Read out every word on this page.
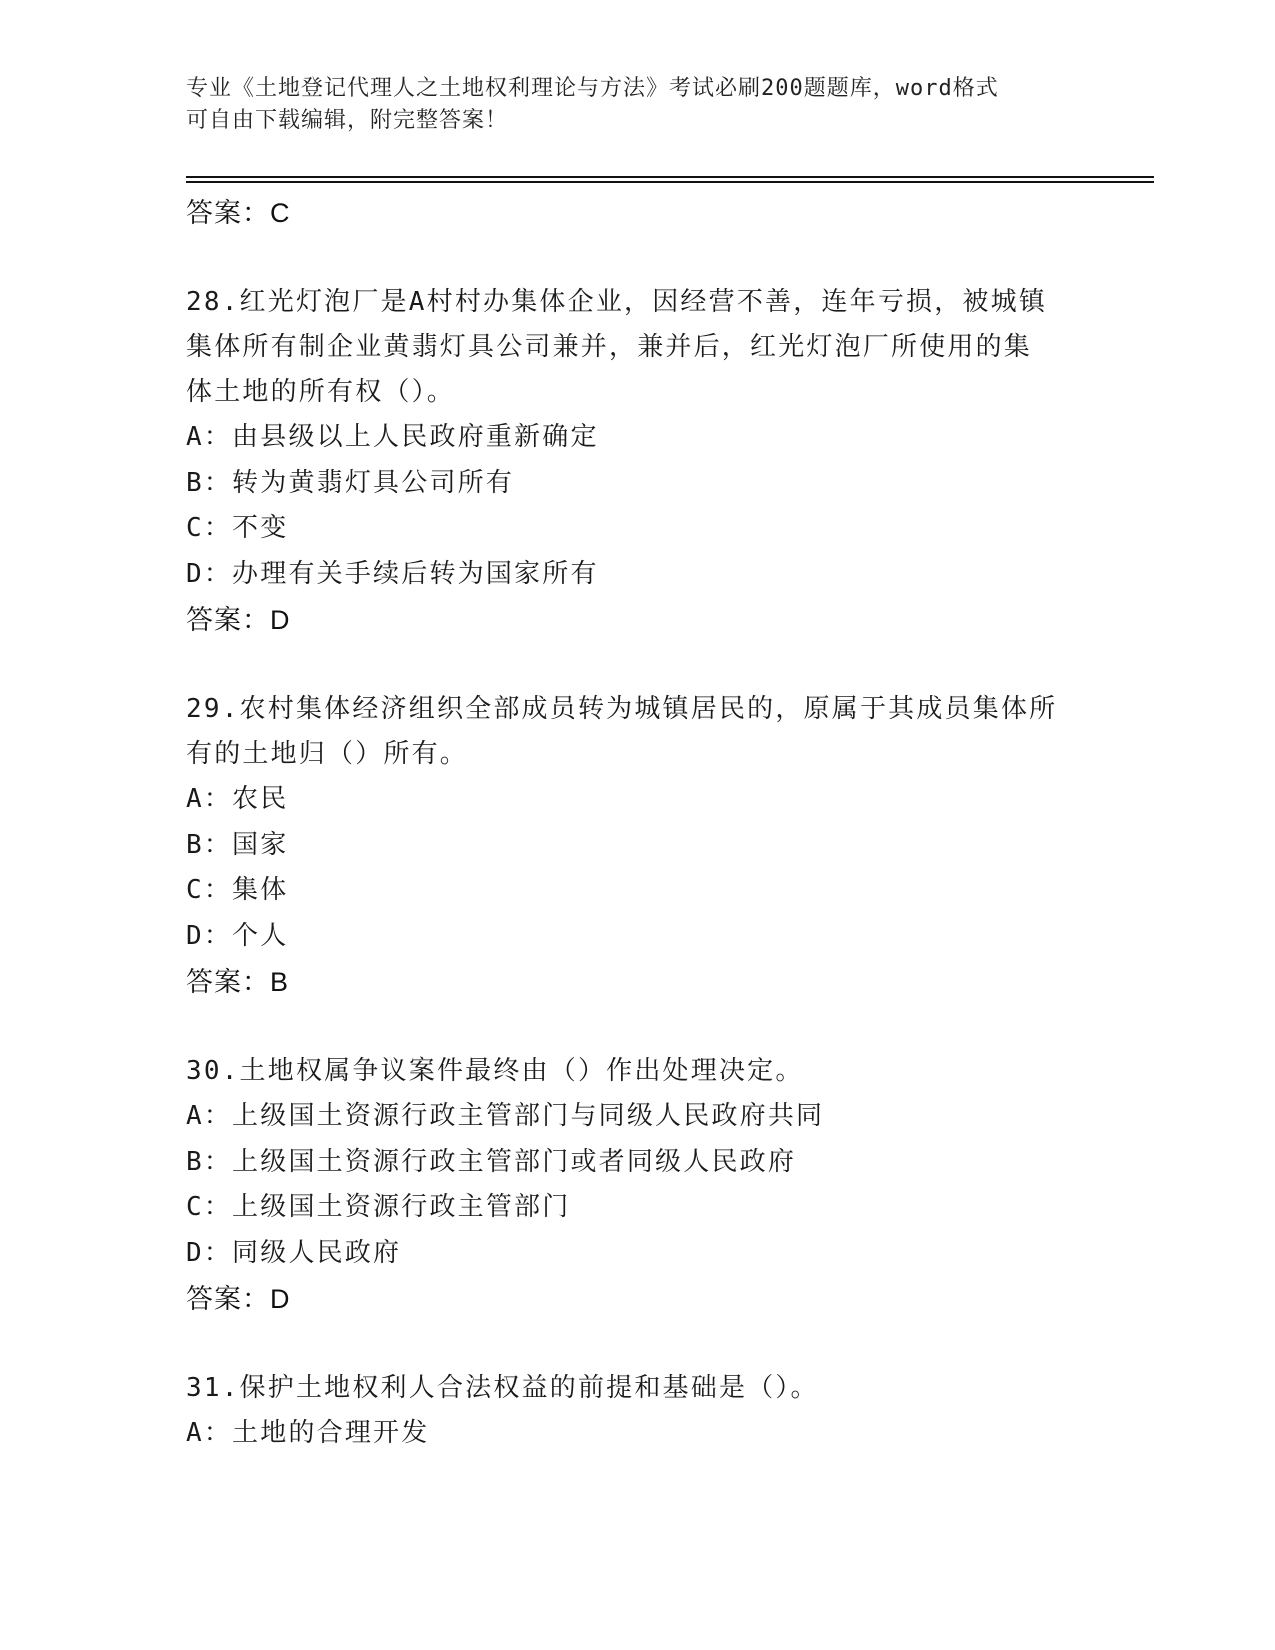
专业《土地登记代理人之土地权利理论与方法》考试必刷200题题库，word格式
可自由下载编辑，附完整答案！
答案：C
28.红光灯泡厂是A村村办集体企业，因经营不善，连年亏损，被城镇
集体所有制企业黄翡灯具公司兼并，兼并后，红光灯泡厂所使用的集
体土地的所有权（）。
A：由县级以上人民政府重新确定
B：转为黄翡灯具公司所有
C：不变
D：办理有关手续后转为国家所有
答案：D
29.农村集体经济组织全部成员转为城镇居民的，原属于其成员集体所
有的土地归（）所有。
A：农民
B：国家
C：集体
D：个人
答案：B
30.土地权属争议案件最终由（）作出处理决定。
A：上级国土资源行政主管部门与同级人民政府共同
B：上级国土资源行政主管部门或者同级人民政府
C：上级国土资源行政主管部门
D：同级人民政府
答案：D
31.保护土地权利人合法权益的前提和基础是（）。
A：土地的合理开发
